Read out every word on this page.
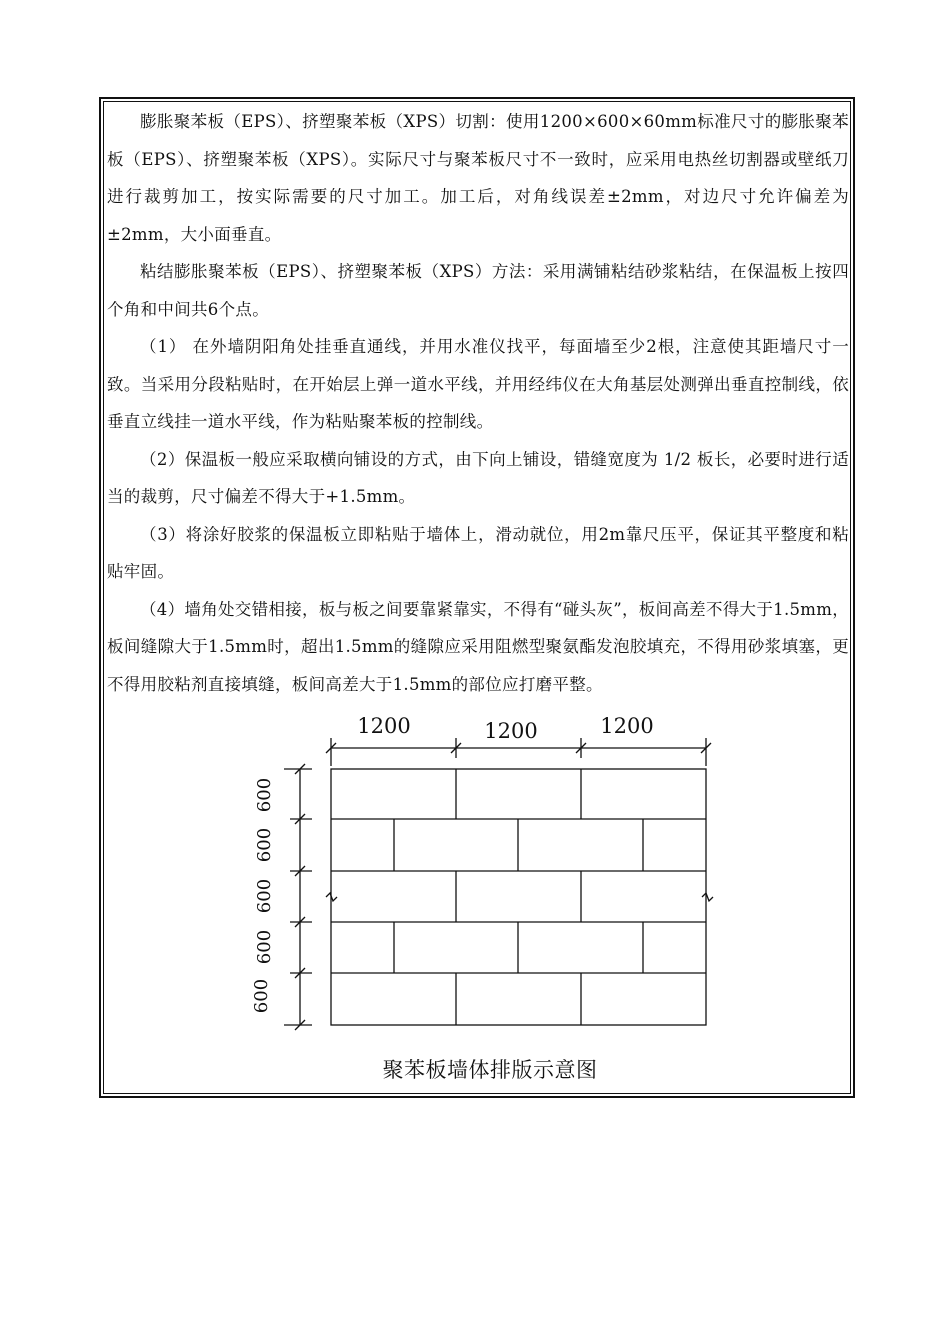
膨胀聚苯板（EPS）、挤塑聚苯板（XPS）切割：使用1200×600×60mm标准尺寸的膨胀聚苯板（EPS）、挤塑聚苯板（XPS）。实际尺寸与聚苯板尺寸不一致时，应采用电热丝切割器或壁纸刀进行裁剪加工，按实际需要的尺寸加工。加工后，对角线误差±2mm，对边尺寸允许偏差为±2mm，大小面垂直。

粘结膨胀聚苯板（EPS）、挤塑聚苯板（XPS）方法：采用满铺粘结砂浆粘结，在保温板上按四个角和中间共6个点。

（1） 在外墙阴阳角处挂垂直通线，并用水准仪找平，每面墙至少2根，注意使其距墙尺寸一致。当采用分段粘贴时，在开始层上弹一道水平线，并用经纬仪在大角基层处测弹出垂直控制线，依垂直立线挂一道水平线，作为粘贴聚苯板的控制线。

（2）保温板一般应采取横向铺设的方式，由下向上铺设，错缝宽度为 1/2 板长，必要时进行适当的裁剪，尺寸偏差不得大于+1.5mm。

（3）将涂好胶浆的保温板立即粘贴于墙体上，滑动就位，用2m靠尺压平，保证其平整度和粘贴牢固。

（4）墙角处交错相接，板与板之间要靠紧靠实，不得有“碰头灰”，板间高差不得大于1.5mm，板间缝隙大于1.5mm时，超出1.5mm的缝隙应采用阻燃型聚氨酯发泡胶填充，不得用砂浆填塞，更不得用胶粘剂直接填缝，板间高差大于1.5mm的部位应打磨平整。

1200	1200	1200
600
600
600
600
600
聚苯板墙体排版示意图
